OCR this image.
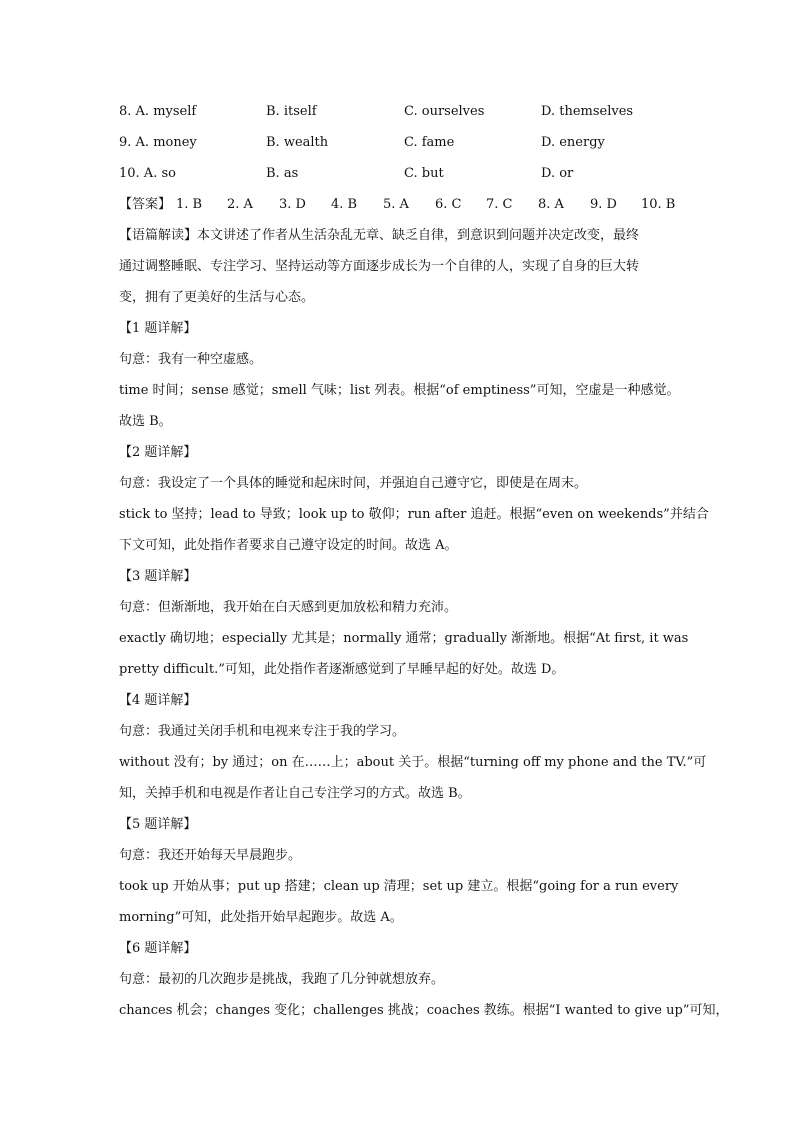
8. A. myself	B. itself	C. ourselves	D. themselves
9. A. money	B. wealth	C. fame	D. energy
10. A. so	B. as	C. but	D. or
【答案】 1. B 2. A 3. D 4. B 5. A 6. C 7. C 8. A 9. D 10. B
【语篇解读】本文讲述了作者从生活杂乱无章、缺乏自律，到意识到问题并决定改变，最终
通过调整睡眠、专注学习、坚持运动等方面逐步成长为一个自律的人，实现了自身的巨大转
变，拥有了更美好的生活与心态。
【1 题详解】
句意：我有一种空虚感。
time 时间；sense 感觉；smell 气味；list 列表。根据“of emptiness”可知，空虚是一种感觉。
故选 B。
【2 题详解】
句意：我设定了一个具体的睡觉和起床时间，并强迫自己遵守它，即使是在周末。
stick to 坚持；lead to 导致；look up to 敬仰；run after 追赶。根据“even on weekends”并结合
下文可知，此处指作者要求自己遵守设定的时间。故选 A。
【3 题详解】
句意：但渐渐地，我开始在白天感到更加放松和精力充沛。
exactly 确切地；especially 尤其是；normally 通常；gradually 渐渐地。根据“At first, it was
pretty difficult.”可知，此处指作者逐渐感觉到了早睡早起的好处。故选 D。
【4 题详解】
句意：我通过关闭手机和电视来专注于我的学习。
without 没有；by 通过；on 在……上；about 关于。根据“turning off my phone and the TV.”可
知，关掉手机和电视是作者让自己专注学习的方式。故选 B。
【5 题详解】
句意：我还开始每天早晨跑步。
took up 开始从事；put up 搭建；clean up 清理；set up 建立。根据“going for a run every
morning”可知，此处指开始早起跑步。故选 A。
【6 题详解】
句意：最初的几次跑步是挑战，我跑了几分钟就想放弃。
chances 机会；changes 变化；challenges 挑战；coaches 教练。根据“I wanted to give up”可知，
